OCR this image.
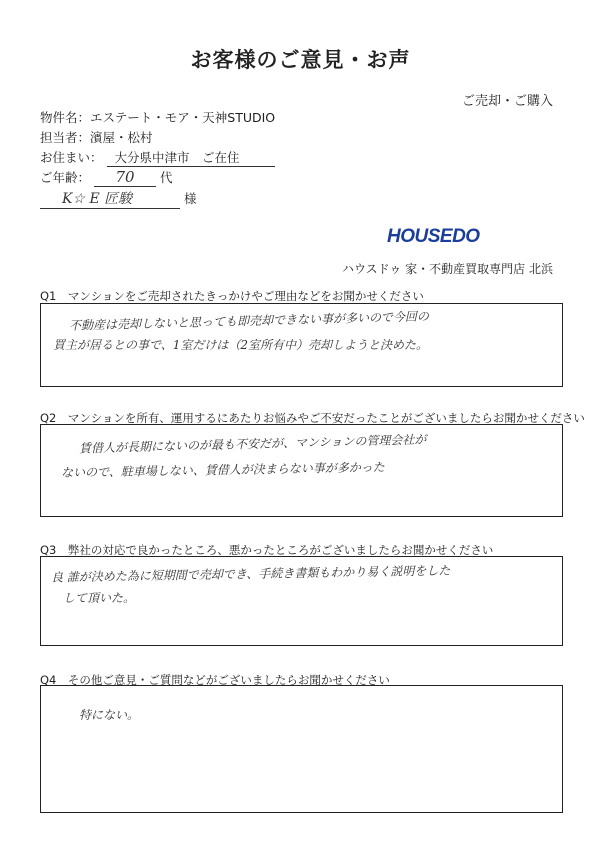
お客様のご意見・お声
ご売却・ご購入
物件名：エステート・モア・天神STUDIO
担当者：濱屋・松村
お住まい： 大分県中津市　ご在住
ご年齢： 70 代
K☆ E 匠駿	様
HOUSEDO
ハウスドゥ 家・不動産買取専門店 北浜
Q1　マンションをご売却されたきっかけやご理由などをお聞かせください
不動産は売却しないと思っても即売却できない事が多いので今回の
買主が居るとの事で、1室だけは（2室所有中）売却しようと決めた。
Q2　マンションを所有、運用するにあたりお悩みやご不安だったことがございましたらお聞かせください
賃借人が長期にないのが最も不安だが、マンションの管理会社が
ないので、駐車場しない、賃借人が決まらない事が多かった
Q3　弊社の対応で良かったところ、悪かったところがございましたらお聞かせください
良 誰が決めた為に短期間で売却でき、手続き書類もわかり易く説明をした
して頂いた。
Q4　その他ご意見・ご質問などがございましたらお聞かせください
特にない。
